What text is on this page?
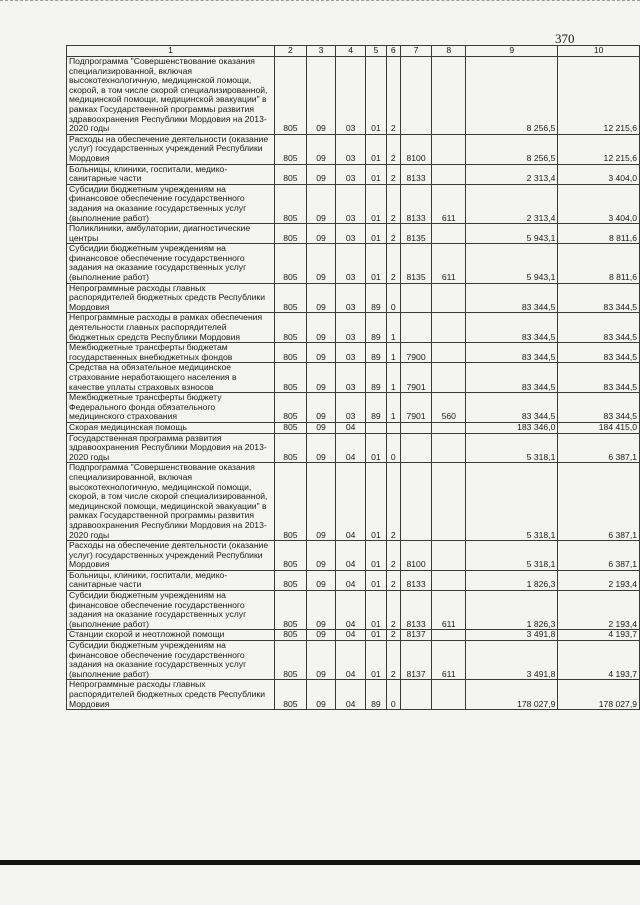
370
1	2	3	4	5	6	7	8	9	10
Подпрограмма "Совершенствование оказания специализированной, включая высокотехнологичную, медицинской помощи, скорой, в том числе скорой специализированной, медицинской помощи, медицинской эвакуации" в рамках Государственной программы развития здравоохранения Республики Мордовия на 2013-2020 годы	805	09	03	01	2			8 256,5	12 215,6
Расходы на обеспечение деятельности (оказание услуг) государственных учреждений Республики Мордовия	805	09	03	01	2	8100		8 256,5	12 215,6
Больницы, клиники, госпитали, медико-санитарные части	805	09	03	01	2	8133		2 313,4	3 404,0
Субсидии бюджетным учреждениям на финансовое обеспечение государственного задания на оказание государственных услуг (выполнение работ)	805	09	03	01	2	8133	611	2 313,4	3 404,0
Поликлиники, амбулатории, диагностические центры	805	09	03	01	2	8135		5 943,1	8 811,6
Субсидии бюджетным учреждениям на финансовое обеспечение государственного задания на оказание государственных услуг (выполнение работ)	805	09	03	01	2	8135	611	5 943,1	8 811,6
Непрограммные расходы главных распорядителей бюджетных средств Республики Мордовия	805	09	03	89	0			83 344,5	83 344,5
Непрограммные расходы в рамках обеспечения деятельности главных распорядителей бюджетных средств Республики Мордовия	805	09	03	89	1			83 344,5	83 344,5
Межбюджетные трансферты бюджетам государственных внебюджетных фондов	805	09	03	89	1	7900		83 344,5	83 344,5
Средства на обязательное медицинское страхование неработающего населения в качестве уплаты страховых взносов	805	09	03	89	1	7901		83 344,5	83 344,5
Межбюджетные трансферты бюджету Федерального фонда обязательного медицинского страхования	805	09	03	89	1	7901	560	83 344,5	83 344,5
Скорая медицинская помощь	805	09	04					183 346,0	184 415,0
Государственная программа развития здравоохранения Республики Мордовия на 2013-2020 годы	805	09	04	01	0			5 318,1	6 387,1
Подпрограмма "Совершенствование оказания специализированной, включая высокотехнологичную, медицинской помощи, скорой, в том числе скорой специализированной, медицинской помощи, медицинской эвакуации" в рамках Государственной программы развития здравоохранения Республики Мордовия на 2013-2020 годы	805	09	04	01	2			5 318,1	6 387,1
Расходы на обеспечение деятельности (оказание услуг) государственных учреждений Республики Мордовия	805	09	04	01	2	8100		5 318,1	6 387,1
Больницы, клиники, госпитали, медико-санитарные части	805	09	04	01	2	8133		1 826,3	2 193,4
Субсидии бюджетным учреждениям на финансовое обеспечение государственного задания на оказание государственных услуг (выполнение работ)	805	09	04	01	2	8133	611	1 826,3	2 193,4
Станции скорой и неотложной помощи	805	09	04	01	2	8137		3 491,8	4 193,7
Субсидии бюджетным учреждениям на финансовое обеспечение государственного задания на оказание государственных услуг (выполнение работ)	805	09	04	01	2	8137	611	3 491,8	4 193,7
Непрограммные расходы главных распорядителей бюджетных средств Республики Мордовия	805	09	04	89	0			178 027,9	178 027,9
